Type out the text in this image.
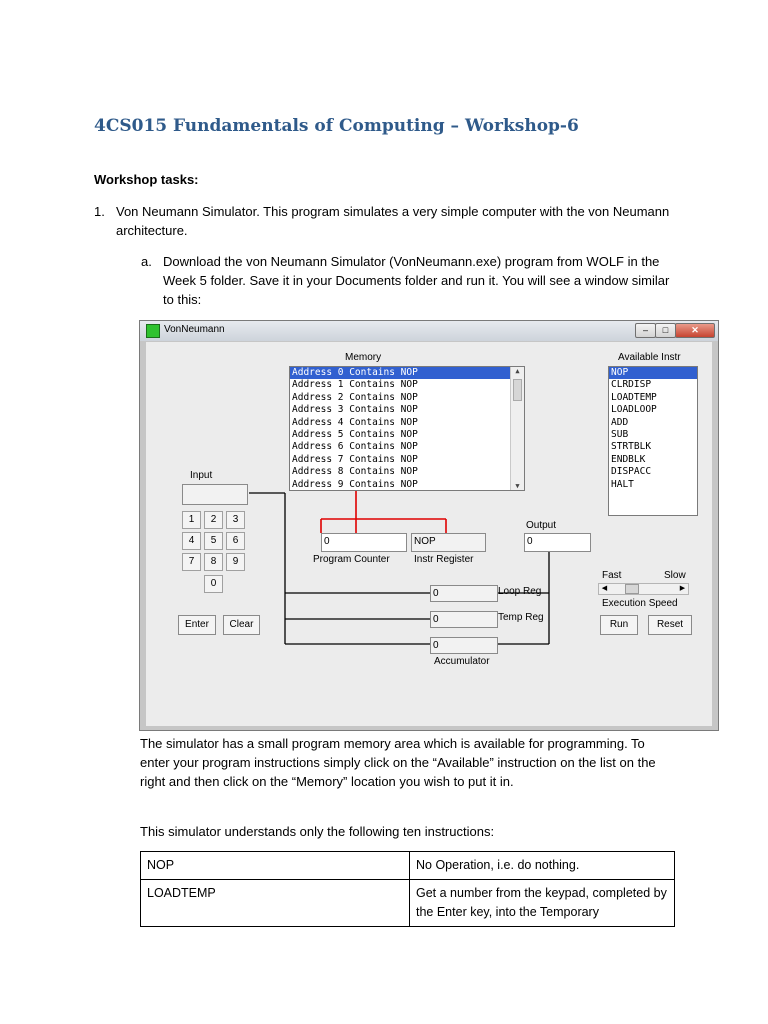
4CS015 Fundamentals of Computing – Workshop-6
Workshop tasks:
1. Von Neumann Simulator. This program simulates a very simple computer with the von Neumann
architecture.
a. Download the von Neumann Simulator (VonNeumann.exe) program from WOLF in the
Week 5 folder. Save it in your Documents folder and run it. You will see a window similar
to this:
VonNeumann	–	□	✕
Memory
Address 0 Contains NOP
Address 1 Contains NOP
Address 2 Contains NOP
Address 3 Contains NOP
Address 4 Contains NOP
Address 5 Contains NOP
Address 6 Contains NOP
Address 7 Contains NOP
Address 8 Contains NOP
Address 9 Contains NOP
▲
▼
Available Instr
NOP
CLRDISP
LOADTEMP
LOADLOOP
ADD
SUB
STRTBLK
ENDBLK
DISPACC
HALT
Input
1	2	3
4	5	6
7	8	9
0
Enter	Clear
0
Program Counter
NOP
Instr Register
Output
0
0	Loop Reg
0	Temp Reg
0
Accumulator
Fast	Slow
◀	▶
Execution Speed
Run	Reset
The simulator has a small program memory area which is available for programming. To
enter your program instructions simply click on the “Available” instruction on the list on the
right and then click on the “Memory” location you wish to put it in.
This simulator understands only the following ten instructions:
NOP	No Operation, i.e. do nothing.
LOADTEMP	Get a number from the keypad, completed by the Enter key, into the Temporary
